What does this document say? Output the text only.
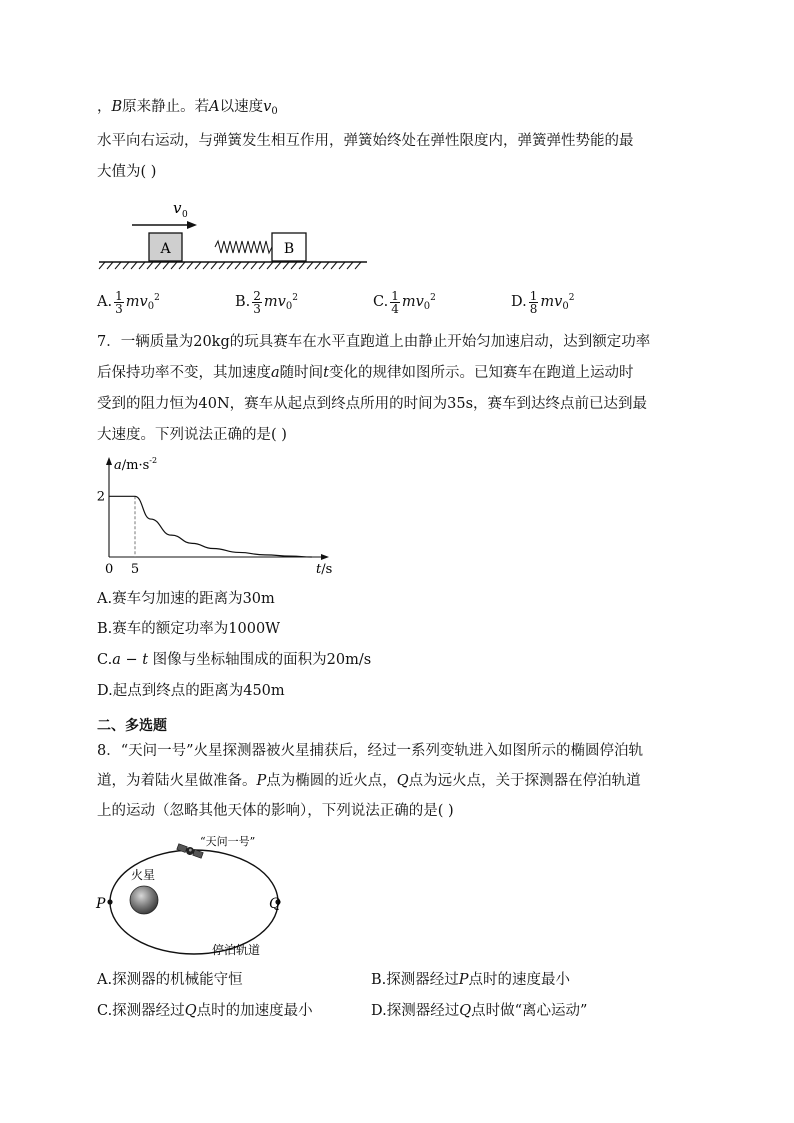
，B原来静止。若A以速度$v_0$
水平向右运动，与弹簧发生相互作用，弹簧始终处在弹性限度内，弹簧弹性势能的最
大值为( )
v 0
A	B
A. $\frac{1}{3} mv_0^2$	B. $\frac{2}{3} mv_0^2$	C. $\frac{1}{4} mv_0^2$	D. $\frac{1}{8} mv_0^2$
7．一辆质量为20kg的玩具赛车在水平直跑道上由静止开始匀加速启动，达到额定功率
后保持功率不变，其加速度a随时间t变化的规律如图所示。已知赛车在跑道上运动时
受到的阻力恒为40N，赛车从起点到终点所用的时间为35s，赛车到达终点前已达到最
大速度。下列说法正确的是( )
5
2
$a/m\cdot s^{-2}$
t/s
0
A.赛车匀加速的距离为30m
B.赛车的额定功率为1000W
C.a − t 图像与坐标轴围成的面积为20m/s
D.起点到终点的距离为450m
二、多选题
8．“天问一号”火星探测器被火星捕获后，经过一系列变轨进入如图所示的椭圆停泊轨
道，为着陆火星做准备。P点为椭圆的近火点，Q点为远火点，关于探测器在停泊轨道
上的运动（忽略其他天体的影响），下列说法正确的是( )
火星
P	Q
“天问一号”
停泊轨道
A.探测器的机械能守恒	B.探测器经过P点时的速度最小
C.探测器经过Q点时的加速度最小	D.探测器经过Q点时做“离心运动”
